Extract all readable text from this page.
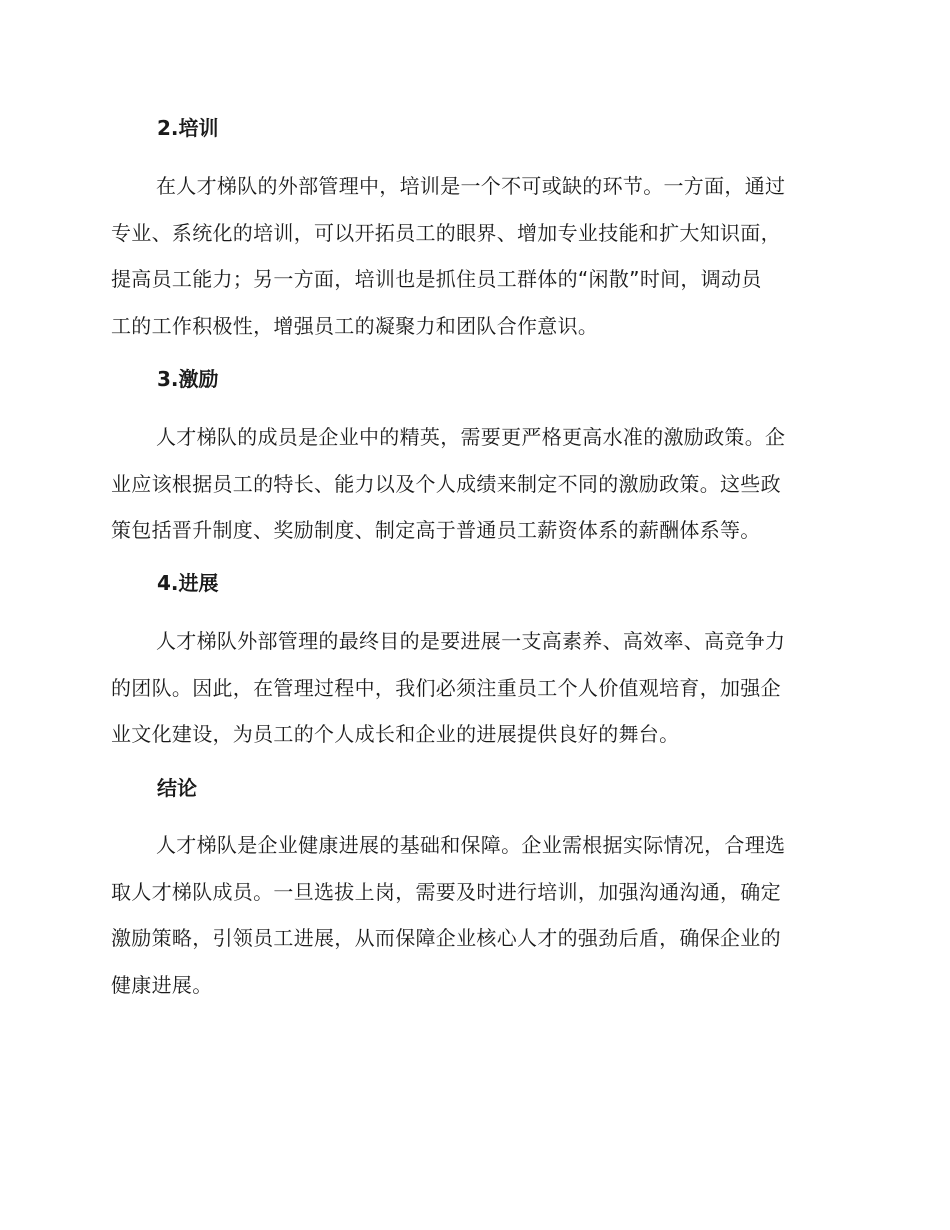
2.培训
在人才梯队的外部管理中，培训是一个不可或缺的环节。一方面，通过
专业、系统化的培训，可以开拓员工的眼界、增加专业技能和扩大知识面，
提高员工能力；另一方面，培训也是抓住员工群体的“闲散”时间，调动员
工的工作积极性，增强员工的凝聚力和团队合作意识。
3.激励
人才梯队的成员是企业中的精英，需要更严格更高水准的激励政策。企
业应该根据员工的特长、能力以及个人成绩来制定不同的激励政策。这些政
策包括晋升制度、奖励制度、制定高于普通员工薪资体系的薪酬体系等。
4.进展
人才梯队外部管理的最终目的是要进展一支高素养、高效率、高竞争力
的团队。因此，在管理过程中，我们必须注重员工个人价值观培育，加强企
业文化建设，为员工的个人成长和企业的进展提供良好的舞台。
结论
人才梯队是企业健康进展的基础和保障。企业需根据实际情况，合理选
取人才梯队成员。一旦选拔上岗，需要及时进行培训，加强沟通沟通，确定
激励策略，引领员工进展，从而保障企业核心人才的强劲后盾，确保企业的
健康进展。
